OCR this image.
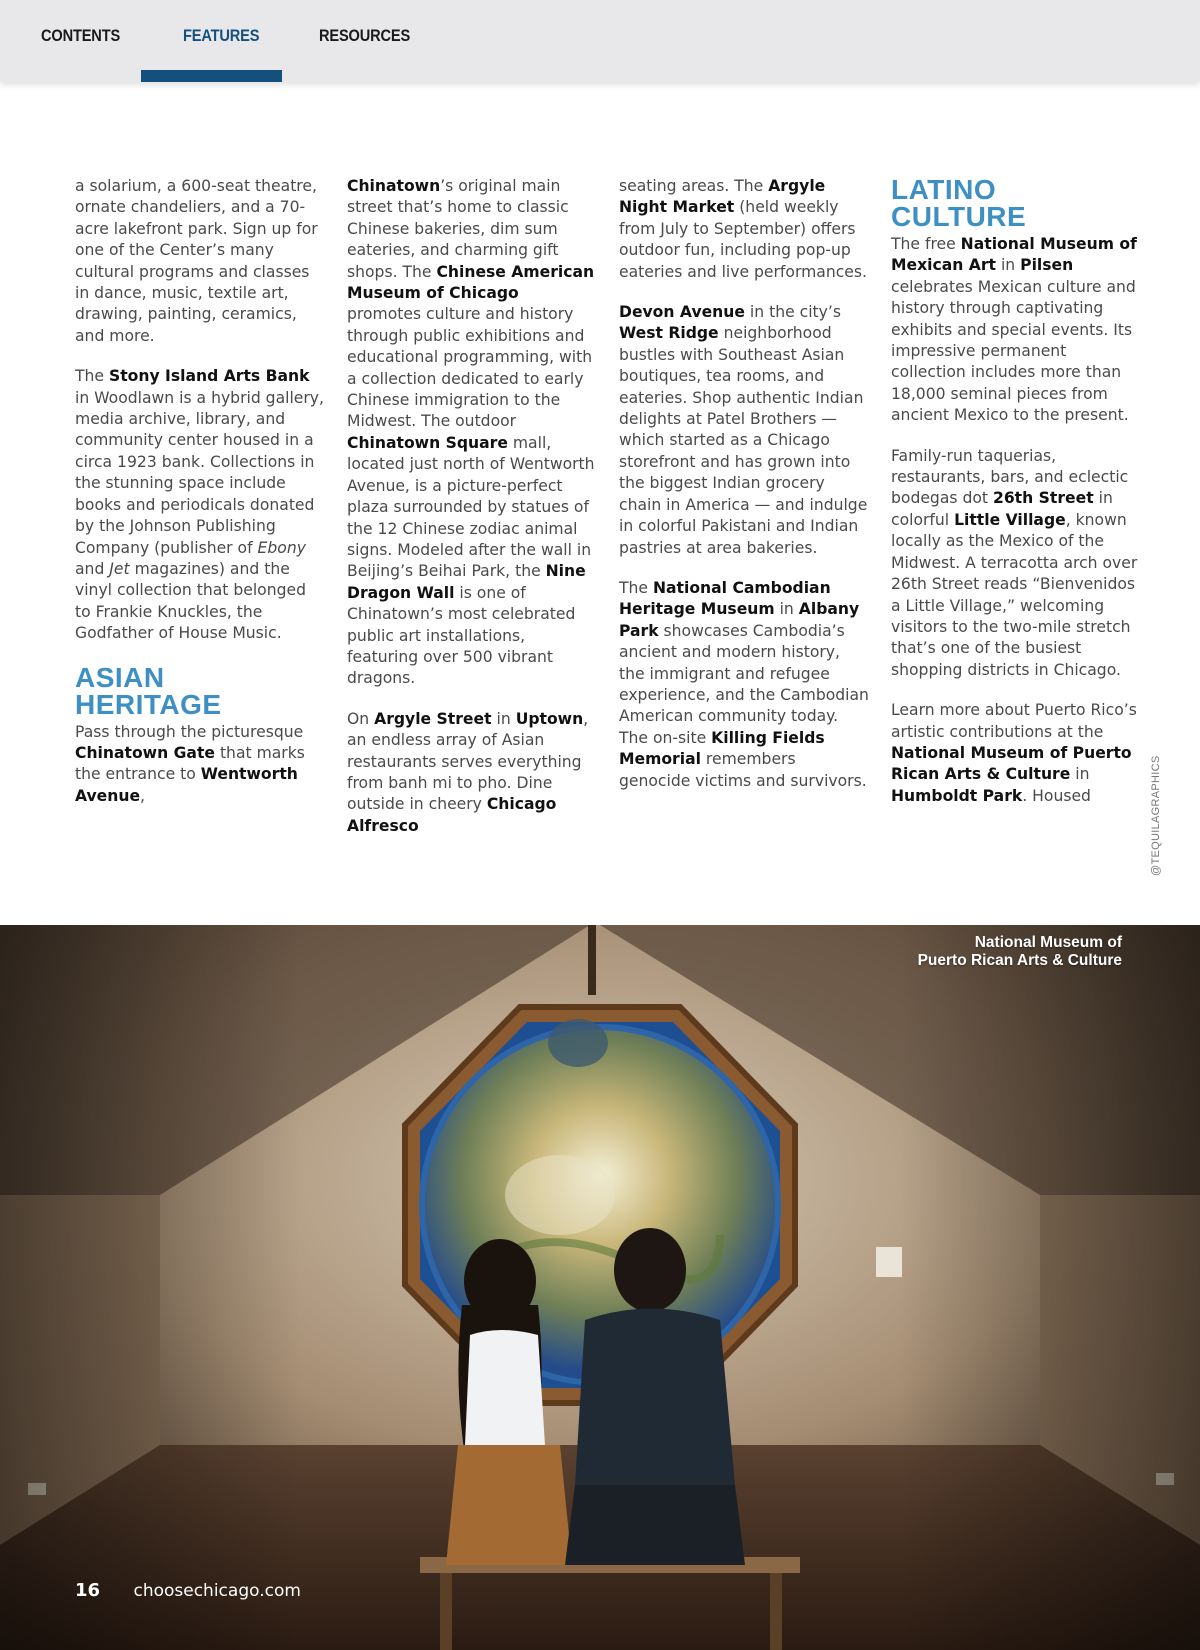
CONTENTS	FEATURES	RESOURCES

a solarium, a 600-seat theatre, ornate chandeliers, and a 70-acre lakefront park. Sign up for one of the Center’s many cultural programs and classes in dance, music, textile art, drawing, painting, ceramics, and more.

The Stony Island Arts Bank in Woodlawn is a hybrid gallery, media archive, library, and community center housed in a circa 1923 bank. Collections in the stunning space include books and periodicals donated by the Johnson Publishing Company (publisher of Ebony and Jet magazines) and the vinyl collection that belonged to Frankie Knuckles, the Godfather of House Music.

ASIAN
HERITAGE

Pass through the picturesque Chinatown Gate that marks the entrance to Wentworth Avenue,

Chinatown’s original main street that’s home to classic Chinese bakeries, dim sum eateries, and charming gift shops. The Chinese American Museum of Chicago promotes culture and history through public exhibitions and educational programming, with a collection dedicated to early Chinese immigration to the Midwest. The outdoor Chinatown Square mall, located just north of Wentworth Avenue, is a picture-perfect plaza surrounded by statues of the 12 Chinese zodiac animal signs. Modeled after the wall in Beijing’s Beihai Park, the Nine Dragon Wall is one of Chinatown’s most celebrated public art installations, featuring over 500 vibrant dragons.

On Argyle Street in Uptown, an endless array of Asian restaurants serves everything from banh mi to pho. Dine outside in cheery Chicago Alfresco

seating areas. The Argyle Night Market (held weekly from July to September) offers outdoor fun, including pop-up eateries and live performances.

Devon Avenue in the city’s West Ridge neighborhood bustles with Southeast Asian boutiques, tea rooms, and eateries. Shop authentic Indian delights at Patel Brothers — which started as a Chicago storefront and has grown into the biggest Indian grocery chain in America — and indulge in colorful Pakistani and Indian pastries at area bakeries.

The National Cambodian Heritage Museum in Albany Park showcases Cambodia’s ancient and modern history, the immigrant and refugee experience, and the Cambodian American community today. The on-site Killing Fields Memorial remembers genocide victims and survivors.

LATINO
CULTURE

The free National Museum of Mexican Art in Pilsen celebrates Mexican culture and history through captivating exhibits and special events. Its impressive permanent collection includes more than 18,000 seminal pieces from ancient Mexico to the present.

Family-run taquerias, restaurants, bars, and eclectic bodegas dot 26th Street in colorful Little Village, known locally as the Mexico of the Midwest. A terracotta arch over 26th Street reads “Bienvenidos a Little Village,” welcoming visitors to the two-mile stretch that’s one of the busiest shopping districts in Chicago.

Learn more about Puerto Rico’s artistic contributions at the National Museum of Puerto Rican Arts & Culture in Humboldt Park. Housed	@TEQUILAGRAPHICS
National Museum of
Puerto Rican Arts & Culture
16 choosechicago.com
